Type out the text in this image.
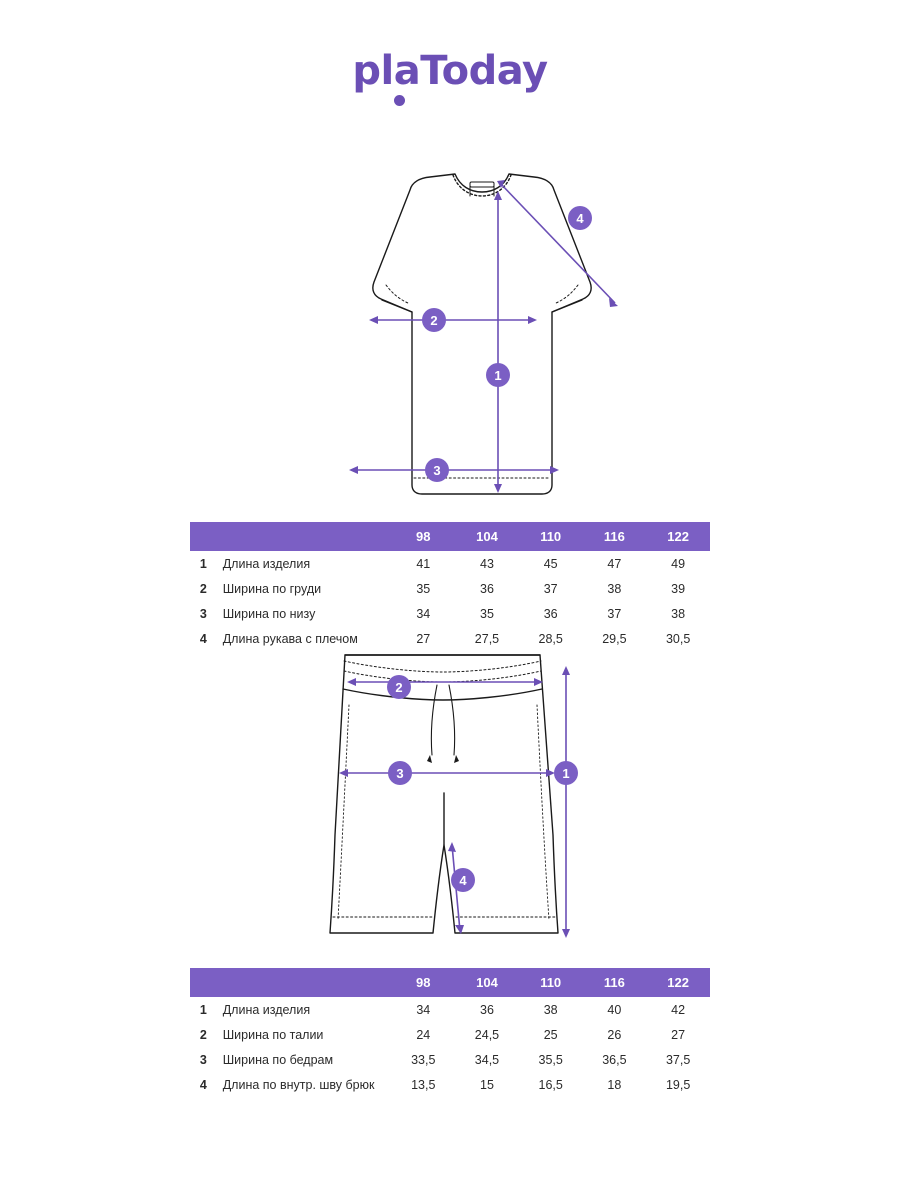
plaToday
1
2
3
4
		98	104	110	116	122
1	Длина изделия	41	43	45	47	49
2	Ширина по груди	35	36	37	38	39
3	Ширина по низу	34	35	36	37	38
4	Длина рукава с плечом	27	27,5	28,5	29,5	30,5
1
2
3
4
		98	104	110	116	122
1	Длина изделия	34	36	38	40	42
2	Ширина по талии	24	24,5	25	26	27
3	Ширина по бедрам	33,5	34,5	35,5	36,5	37,5
4	Длина по внутр. шву брюк	13,5	15	16,5	18	19,5
